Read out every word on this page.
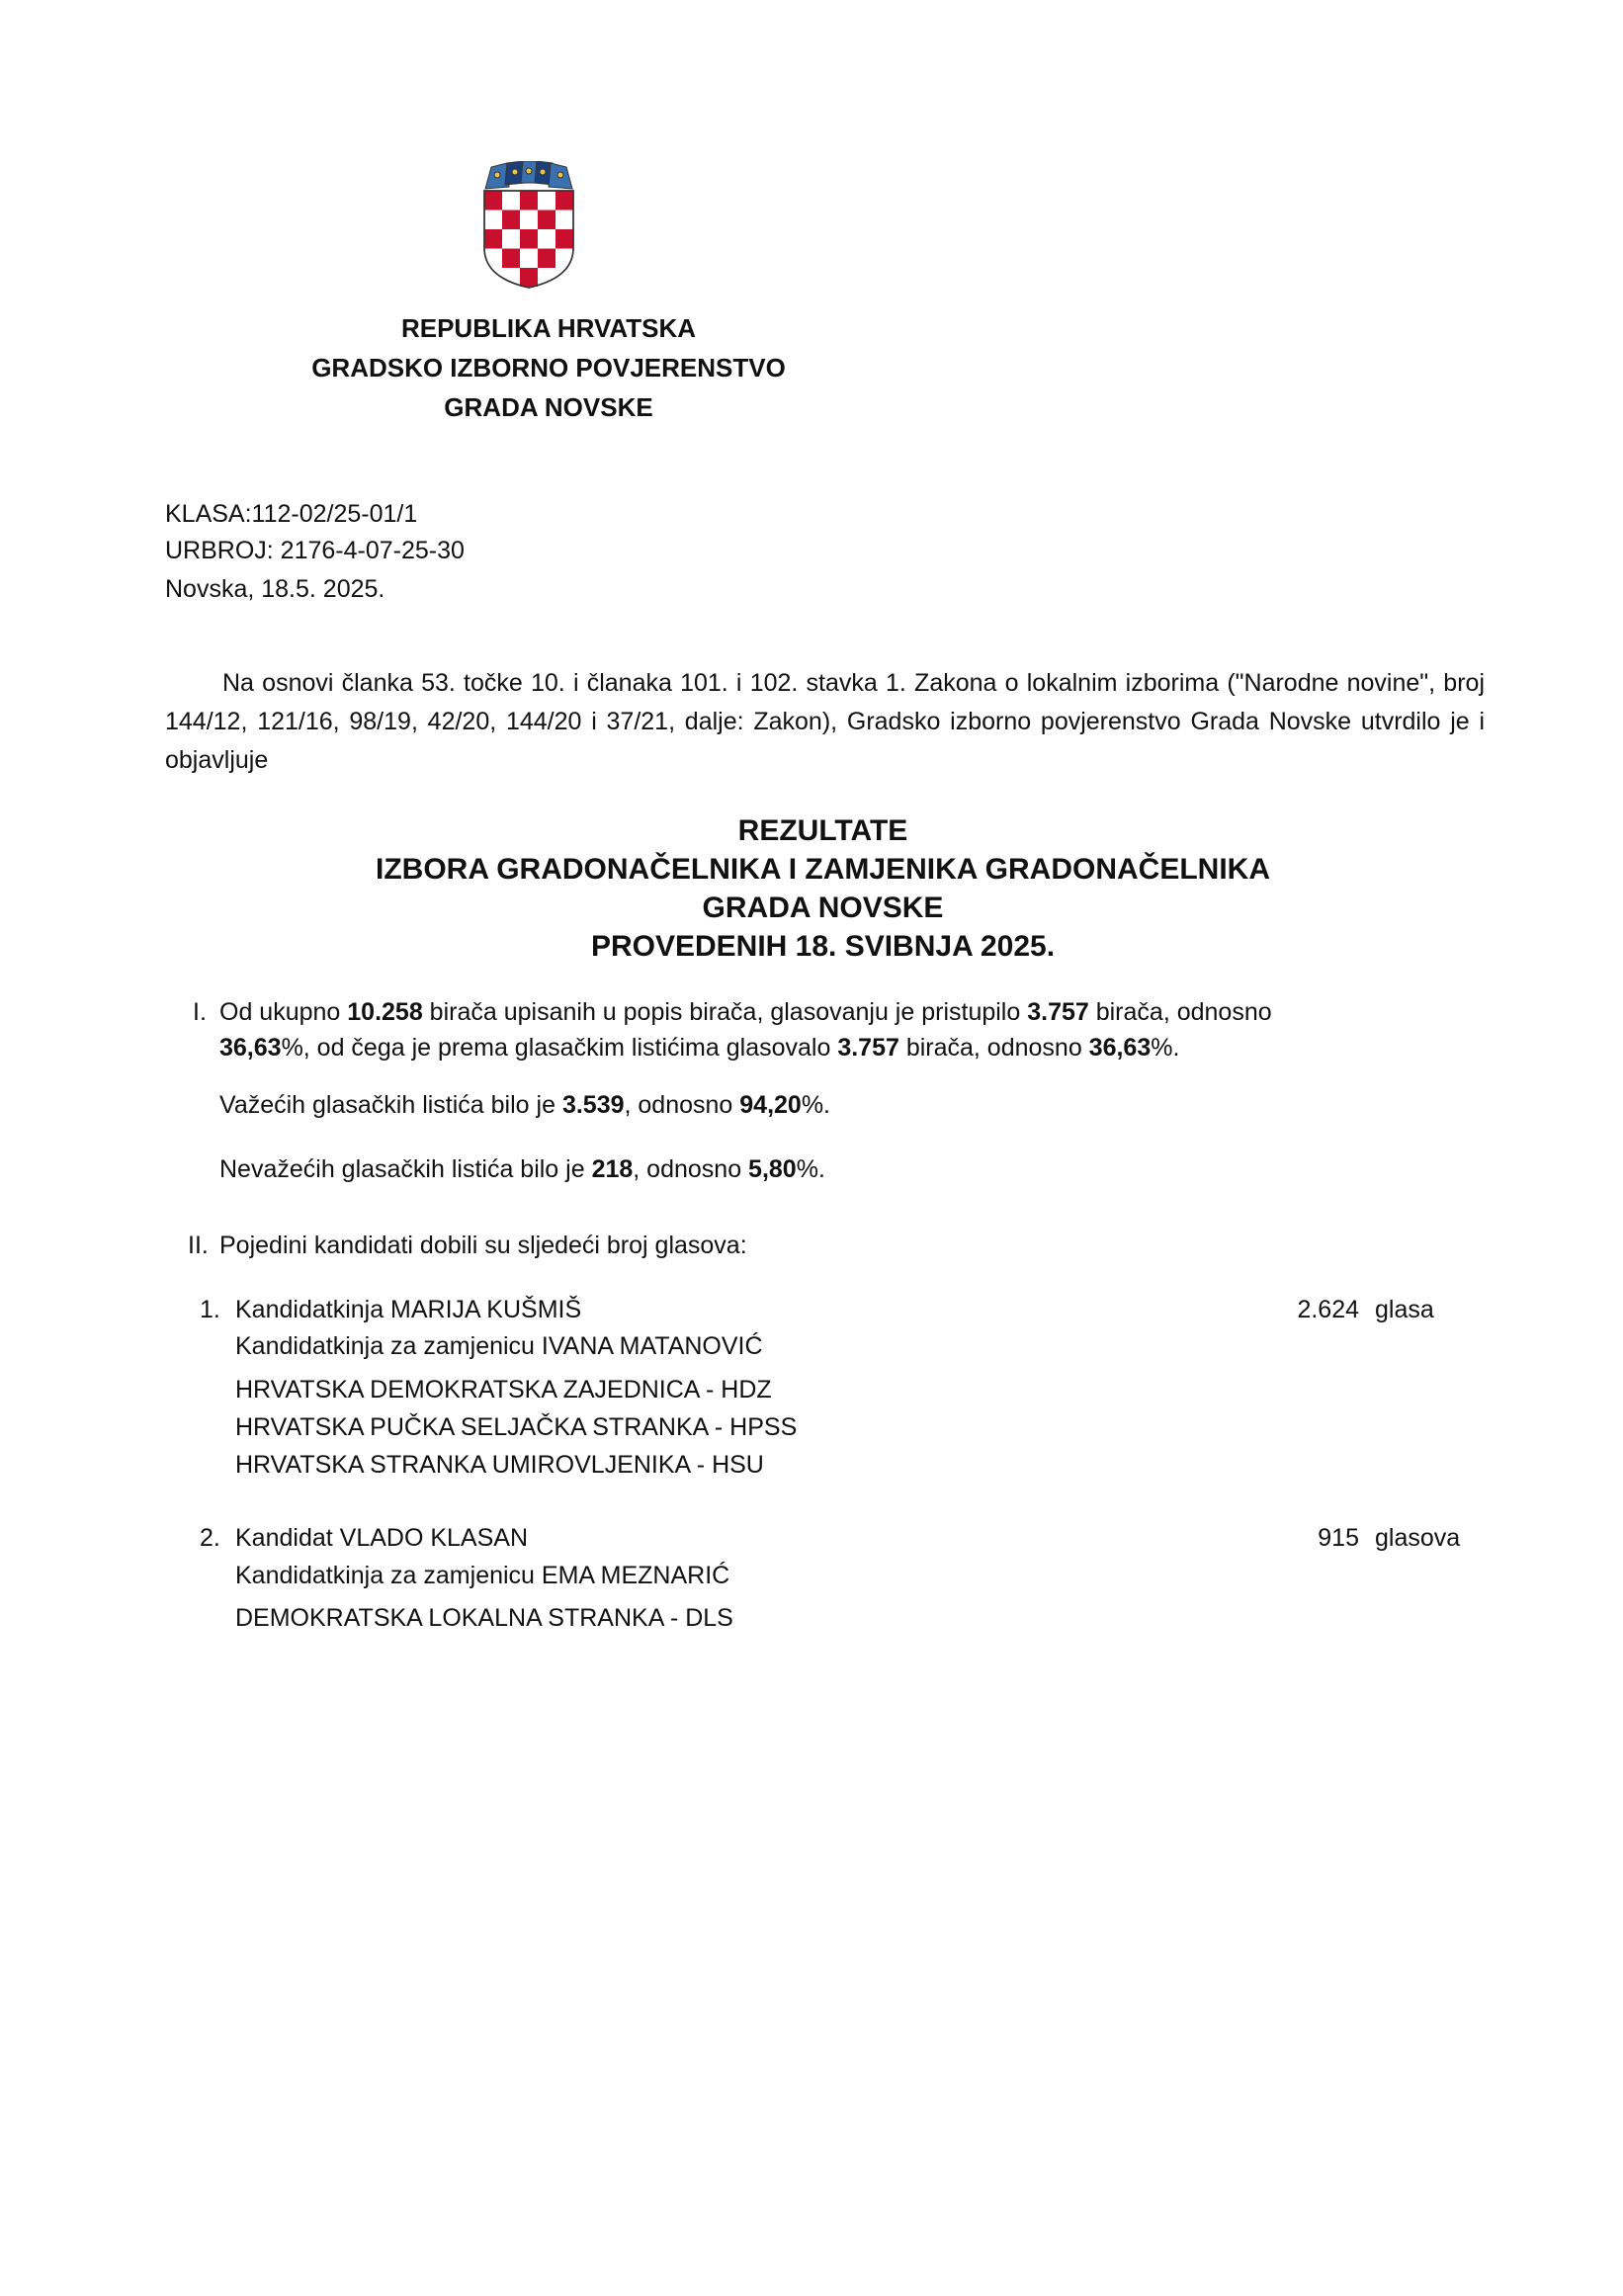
REPUBLIKA HRVATSKA
GRADSKO IZBORNO POVJERENSTVO
GRADA NOVSKE
KLASA:112-02/25-01/1
URBROJ: 2176-4-07-25-30
Novska, 18.5. 2025.
Na osnovi članka 53. točke 10. i članaka 101. i 102. stavka 1. Zakona o lokalnim izborima ("Narodne novine", broj 144/12, 121/16, 98/19, 42/20, 144/20 i 37/21, dalje: Zakon), Gradsko izborno povjerenstvo Grada Novske utvrdilo je i objavljuje
REZULTATE
IZBORA GRADONAČELNIKA I ZAMJENIKA GRADONAČELNIKA
GRADA NOVSKE
PROVEDENIH 18. SVIBNJA 2025.
I. Od ukupno 10.258 birača upisanih u popis birača, glasovanju je pristupilo 3.757 birača, odnosno
36,63%, od čega je prema glasačkim listićima glasovalo 3.757 birača, odnosno 36,63%.
Važećih glasačkih listića bilo je 3.539, odnosno 94,20%.
Nevažećih glasačkih listića bilo je 218, odnosno 5,80%.
II. Pojedini kandidati dobili su sljedeći broj glasova:
1. Kandidatkinja MARIJA KUŠMIŠ
Kandidatkinja za zamjenicu IVANA MATANOVIĆ
HRVATSKA DEMOKRATSKA ZAJEDNICA - HDZ
HRVATSKA PUČKA SELJAČKA STRANKA - HPSS
HRVATSKA STRANKA UMIROVLJENIKA - HSU
2.624 glasa
2. Kandidat VLADO KLASAN
Kandidatkinja za zamjenicu EMA MEZNARIĆ
DEMOKRATSKA LOKALNA STRANKA - DLS
915 glasova
